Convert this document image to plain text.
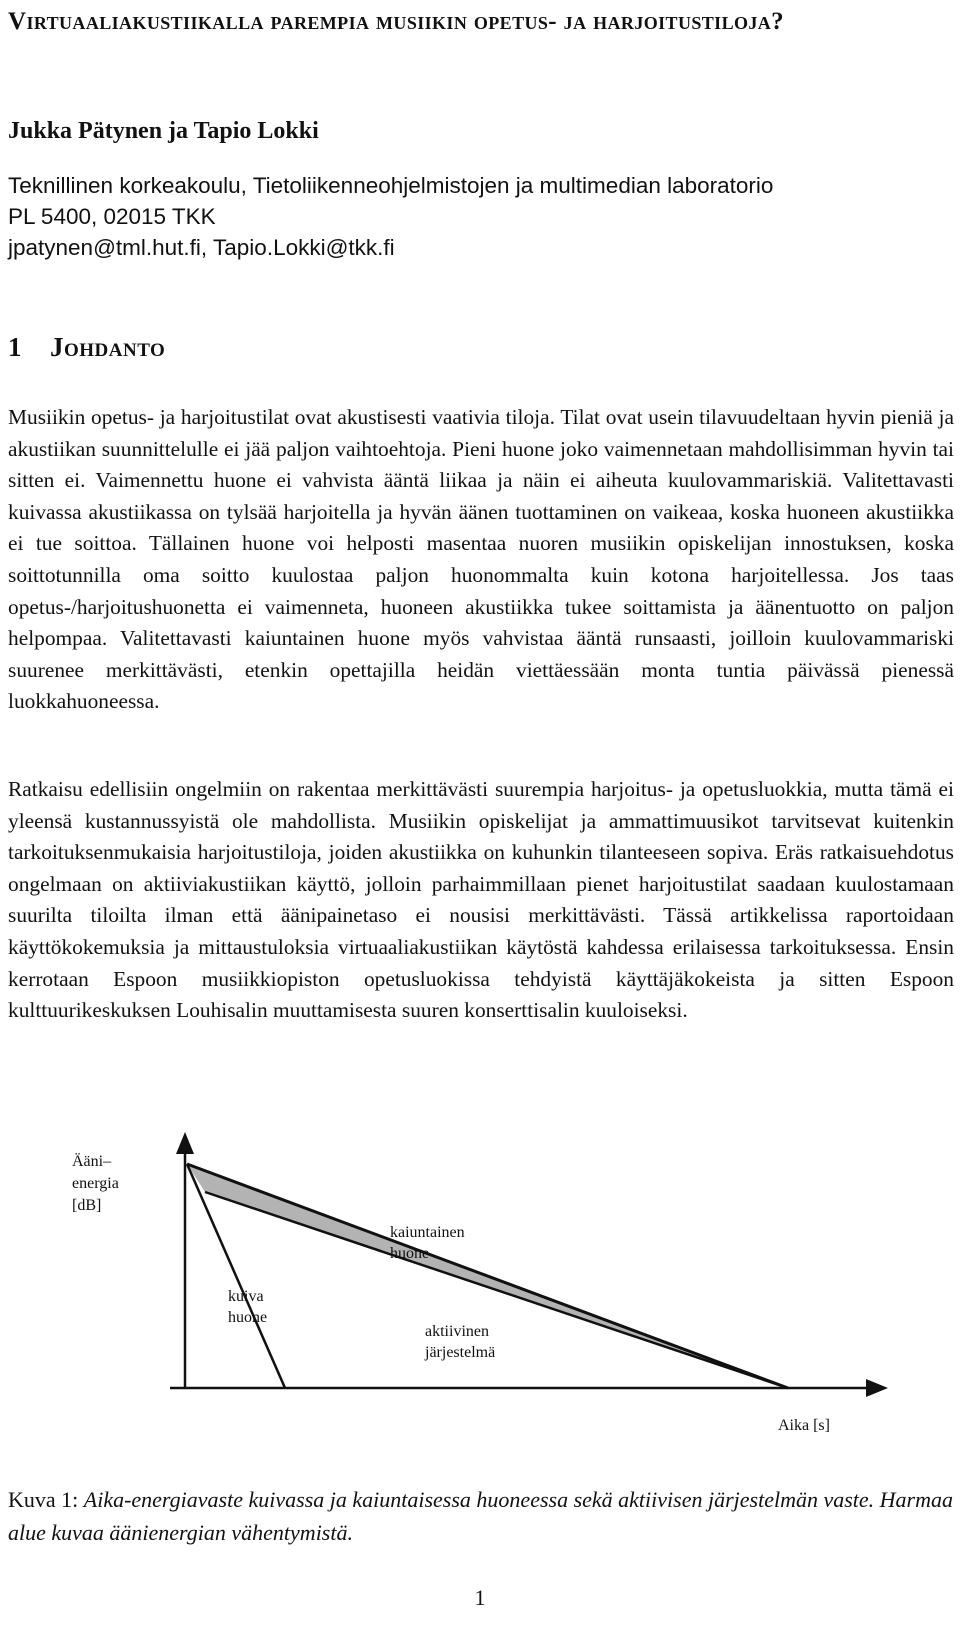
Virtuaaliakustiikalla parempia musiikin opetus- ja harjoitustiloja?

Jukka Pätynen ja Tapio Lokki

Teknillinen korkeakoulu, Tietoliikenneohjelmistojen ja multimedian laboratorio
PL 5400, 02015 TKK
jpatynen@tml.hut.fi, Tapio.Lokki@tkk.fi
1 Johdanto

Musiikin opetus- ja harjoitustilat ovat akustisesti vaativia tiloja. Tilat ovat usein tilavuudeltaan hyvin pieniä ja akustiikan suunnittelulle ei jää paljon vaihtoehtoja. Pieni huone joko vaimennetaan mahdollisimman hyvin tai sitten ei. Vaimennettu huone ei vahvista ääntä liikaa ja näin ei aiheuta kuulovammariskiä. Valitettavasti kuivassa akustiikassa on tylsää harjoitella ja hyvän äänen tuottaminen on vaikeaa, koska huoneen akustiikka ei tue soittoa. Tällainen huone voi helposti masentaa nuoren musiikin opiskelijan innostuksen, koska soittotunnilla oma soitto kuulostaa paljon huonommalta kuin kotona harjoitellessa. Jos taas opetus-/harjoitushuonetta ei vaimenneta, huoneen akustiikka tukee soittamista ja äänentuotto on paljon helpompaa. Valitettavasti kaiuntainen huone myös vahvistaa ääntä runsaasti, joilloin kuulovammariski suurenee merkittävästi, etenkin opettajilla heidän viettäessään monta tuntia päivässä pienessä luokkahuoneessa.

Ratkaisu edellisiin ongelmiin on rakentaa merkittävästi suurempia harjoitus- ja opetusluokkia, mutta tämä ei yleensä kustannussyistä ole mahdollista. Musiikin opiskelijat ja ammattimuusikot tarvitsevat kuitenkin tarkoituksenmukaisia harjoitustiloja, joiden akustiikka on kuhunkin tilanteeseen sopiva. Eräs ratkaisuehdotus ongelmaan on aktiiviakustiikan käyttö, jolloin parhaimmillaan pienet harjoitustilat saadaan kuulostamaan suurilta tiloilta ilman että äänipainetaso ei nousisi merkittävästi. Tässä artikkelissa raportoidaan käyttökokemuksia ja mittaustuloksia virtuaaliakustiikan käytöstä kahdessa erilaisessa tarkoituksessa. Ensin kerrotaan Espoon musiikkiopiston opetusluokissa tehdyistä käyttäjäkokeista ja sitten Espoon kulttuurikeskuksen Louhisalin muuttamisesta suuren konserttisalin kuuloiseksi.

Ääni–
energia
[dB]
kaiuntainen
huone
kuiva
huone
aktiivinen
järjestelmä
Aika [s]

Kuva 1: Aika-energiavaste kuivassa ja kaiuntaisessa huoneessa sekä aktiivisen järjestelmän vaste. Harmaa alue kuvaa äänienergian vähentymistä.

1
